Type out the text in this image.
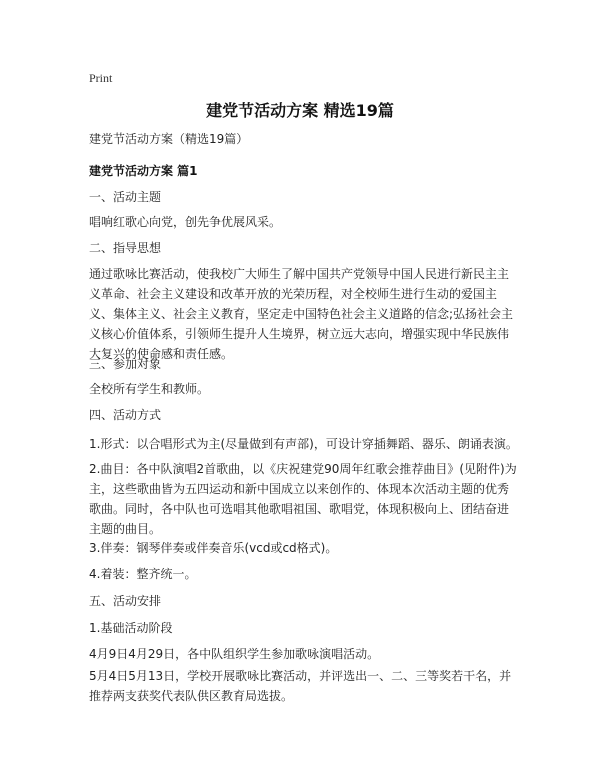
Print
建党节活动方案 精选19篇
建党节活动方案（精选19篇）
建党节活动方案 篇1
一、活动主题
唱响红歌心向党，创先争优展风采。
二、指导思想
通过歌咏比赛活动，使我校广大师生了解中国共产党领导中国人民进行新民主主义革命、社会主义建设和改革开放的光荣历程，对全校师生进行生动的爱国主义、集体主义、社会主义教育，坚定走中国特色社会主义道路的信念;弘扬社会主义核心价值体系，引领师生提升人生境界，树立远大志向，增强实现中华民族伟大复兴的使命感和责任感。
三、参加对象
全校所有学生和教师。
四、活动方式
1.形式：以合唱形式为主(尽量做到有声部)，可设计穿插舞蹈、器乐、朗诵表演。
2.曲目：各中队演唱2首歌曲，以《庆祝建党90周年红歌会推荐曲目》(见附件)为主，这些歌曲皆为五四运动和新中国成立以来创作的、体现本次活动主题的优秀歌曲。同时，各中队也可选唱其他歌唱祖国、歌唱党，体现积极向上、团结奋进主题的曲目。
3.伴奏：钢琴伴奏或伴奏音乐(vcd或cd格式)。
4.着装：整齐统一。
五、活动安排
1.基础活动阶段
4月9日4月29日，各中队组织学生参加歌咏演唱活动。
5月4日5月13日，学校开展歌咏比赛活动，并评选出一、二、三等奖若干名，并推荐两支获奖代表队供区教育局选拔。
